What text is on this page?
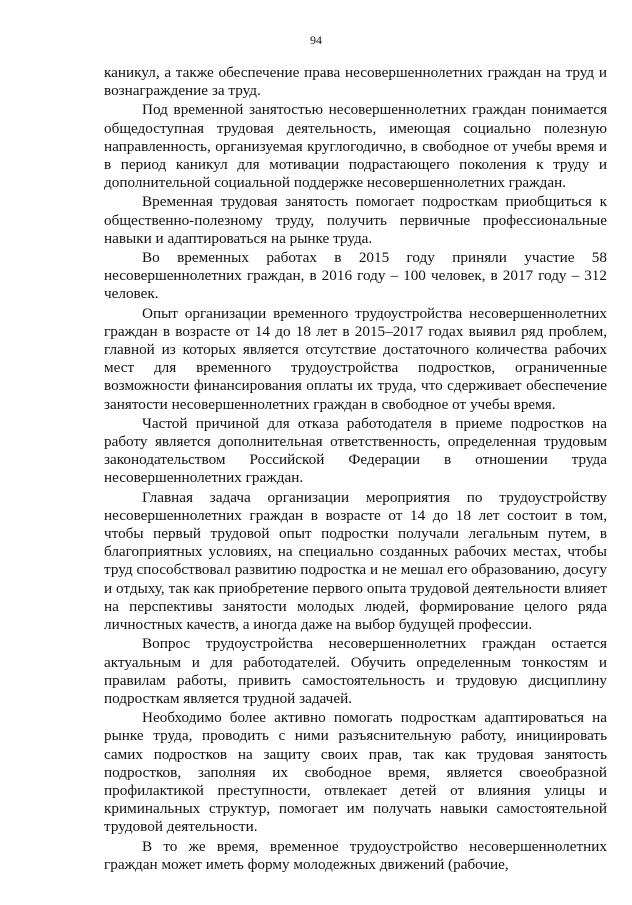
94

каникул, а также обеспечение права несовершеннолетних граждан на труд и вознаграждение за труд.

Под временной занятостью несовершеннолетних граждан понимается общедоступная трудовая деятельность, имеющая социально полезную направленность, организуемая круглогодично, в свободное от учебы время и в период каникул для мотивации подрастающего поколения к труду и дополнительной социальной поддержке несовершеннолетних граждан.

Временная трудовая занятость помогает подросткам приобщиться к общественно-полезному труду, получить первичные профессиональные навыки и адаптироваться на рынке труда.

Во временных работах в 2015 году приняли участие 58 несовершеннолетних граждан, в 2016 году – 100 человек, в 2017 году – 312 человек.

Опыт организации временного трудоустройства несовершеннолетних граждан в возрасте от 14 до 18 лет в 2015–2017 годах выявил ряд проблем, главной из которых является отсутствие достаточного количества рабочих мест для временного трудоустройства подростков, ограниченные возможности финансирования оплаты их труда, что сдерживает обеспечение занятости несовершеннолетних граждан в свободное от учебы время.

Частой причиной для отказа работодателя в приеме подростков на работу является дополнительная ответственность, определенная трудовым законодательством Российской Федерации в отношении труда несовершеннолетних граждан.

Главная задача организации мероприятия по трудоустройству несовершеннолетних граждан в возрасте от 14 до 18 лет состоит в том, чтобы первый трудовой опыт подростки получали легальным путем, в благоприятных условиях, на специально созданных рабочих местах, чтобы труд способствовал развитию подростка и не мешал его образованию, досугу и отдыху, так как приобретение первого опыта трудовой деятельности влияет на перспективы занятости молодых людей, формирование целого ряда личностных качеств, а иногда даже на выбор будущей профессии.

Вопрос трудоустройства несовершеннолетних граждан остается актуальным и для работодателей. Обучить определенным тонкостям и правилам работы, привить самостоятельность и трудовую дисциплину подросткам является трудной задачей.

Необходимо более активно помогать подросткам адаптироваться на рынке труда, проводить с ними разъяснительную работу, инициировать самих подростков на защиту своих прав, так как трудовая занятость подростков, заполняя их свободное время, является своеобразной профилактикой преступности, отвлекает детей от влияния улицы и криминальных структур, помогает им получать навыки самостоятельной трудовой деятельности.

В то же время, временное трудоустройство несовершеннолетних граждан может иметь форму молодежных движений (рабочие,
